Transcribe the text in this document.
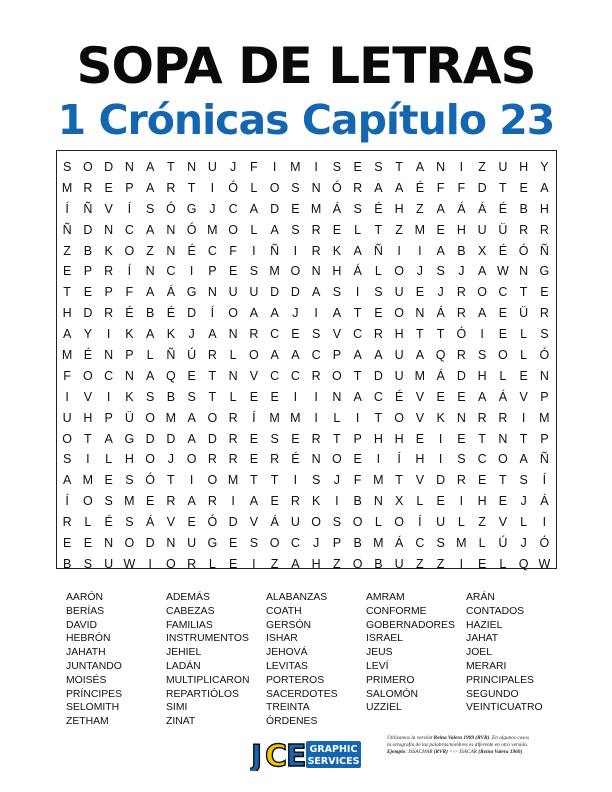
SOPA DE LETRAS
1 Crónicas Capítulo 23
S O D N A T N U	J	F	I	M	I	S E S T A N	I	Z U H Y
M R E P A R T	I	Ó L O S N Ó R A A É F	F D T E A
Í	Ñ V	Í	S Ó G J	C A D E M Á S É H Z A Á Á É B H
Ñ D N C A N Ó M O L	A S R E	L	T	Z M E H U Ü R R
Z B K O Z N É C F	I	Ñ	I	R K A Ñ	I	I	A B X É Ó Ñ
E P R	Í	N C	I	P E S M O N H Á	L O J	S	J	A W N G
T E P F A Á G N U U D D A S	I	S U E	J	R O C T E
H D R É B É D	Í	O A A	J	I	A T E O N Á R A E Ü R
A Y	I	K A K	J	A N R C E S V C R H T	T Ó	I	E	L	S
M É N P	L Ñ Ú R L O A A C P A A U A Q R S O L Ó
F O C N A Q E T N V C C R O T D U M Á D H L	E N
I	V	I	K S B S T	L	E E	I	I	N A C É V E E A Á V P
U H P Ü O M A O R	Í	M M	I	L	I	T O V K N R R	I	M
O T A G D D A D R E S E R T P H H E	I	E T N T P
S	I	L H O J O R R E R É N O E	I	Í	H	I	S C O A Ñ
A M E S Ó T	I	O M T	T	I	S	J	F M T V D R E T S	Í
Í	O S M E R A R	I	A E R K	I	B N X	L	E	I	H E	J	Á
R L	É S Á V E Ó D V Á U O S O L O	Í	U L	Z V	L	I
E E N O D N U G E S O C	J	P B M Á C S M L Ú	J Ó
B S U W	I	O R L	E	I	Z A H Z O B U Z	Z	I	E	L Q W
AARÓN
BERÍAS
DAVID
HEBRÓN
JAHATH
JUNTANDO
MOISÉS
PRÍNCIPES
SELOMITH
ZETHAM
ADEMÁS
CABEZAS
FAMILIAS
INSTRUMENTOS
JEHIEL
LADÁN
MULTIPLICARON
REPARTIÓLOS
SIMI
ZINAT
ALABANZAS
COATH
GERSÓN
ISHAR
JEHOVÁ
LEVITAS
PORTEROS
SACERDOTES
TREINTA
ÓRDENES
AMRAM
CONFORME
GOBERNADORES
ISRAEL
JEUS
LEVÍ
PRIMERO
SALOMÓN
UZZIEL
ARÁN
CONTADOS
HAZIEL
JAHAT
JOEL
MERARI
PRINCIPALES
SEGUNDO
VEINTICUATRO
J C
E GRAPHIC
SERVICES

Utilizamos la versión Reina Valera 1909 (RVR). En algunos casos

la ortografía de las palabras/nombres es diferente en otra versión.

Ejemplo: ISSACHAR (RVR) <-> ISACAR (Reina Valera 1960)
